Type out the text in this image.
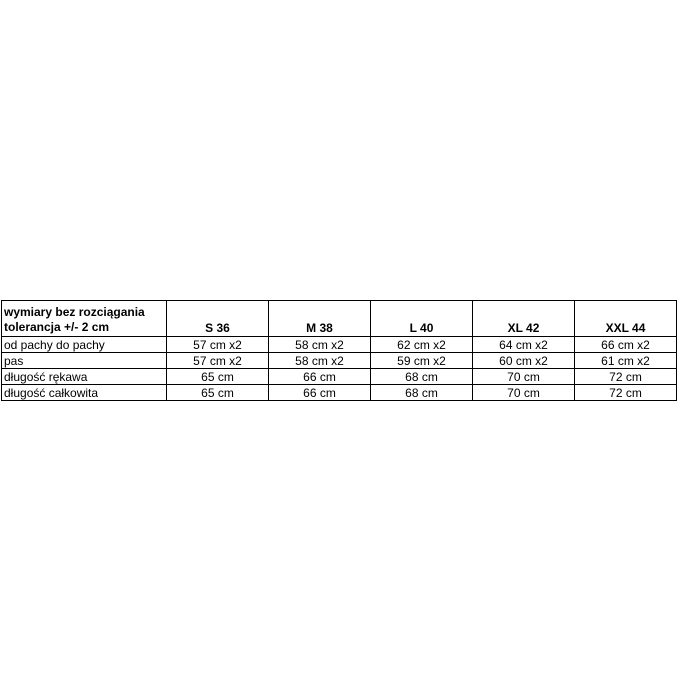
wymiary bez rozciągania
tolerancja +/- 2 cm	S 36	M 38	L 40	XL 42	XXL 44
od pachy do pachy	57 cm x2	58 cm x2	62 cm x2	64 cm x2	66 cm x2
pas	57 cm x2	58 cm x2	59 cm x2	60 cm x2	61 cm x2
długość rękawa	65 cm	66 cm	68 cm	70 cm	72 cm
długość całkowita	65 cm	66 cm	68 cm	70 cm	72 cm
